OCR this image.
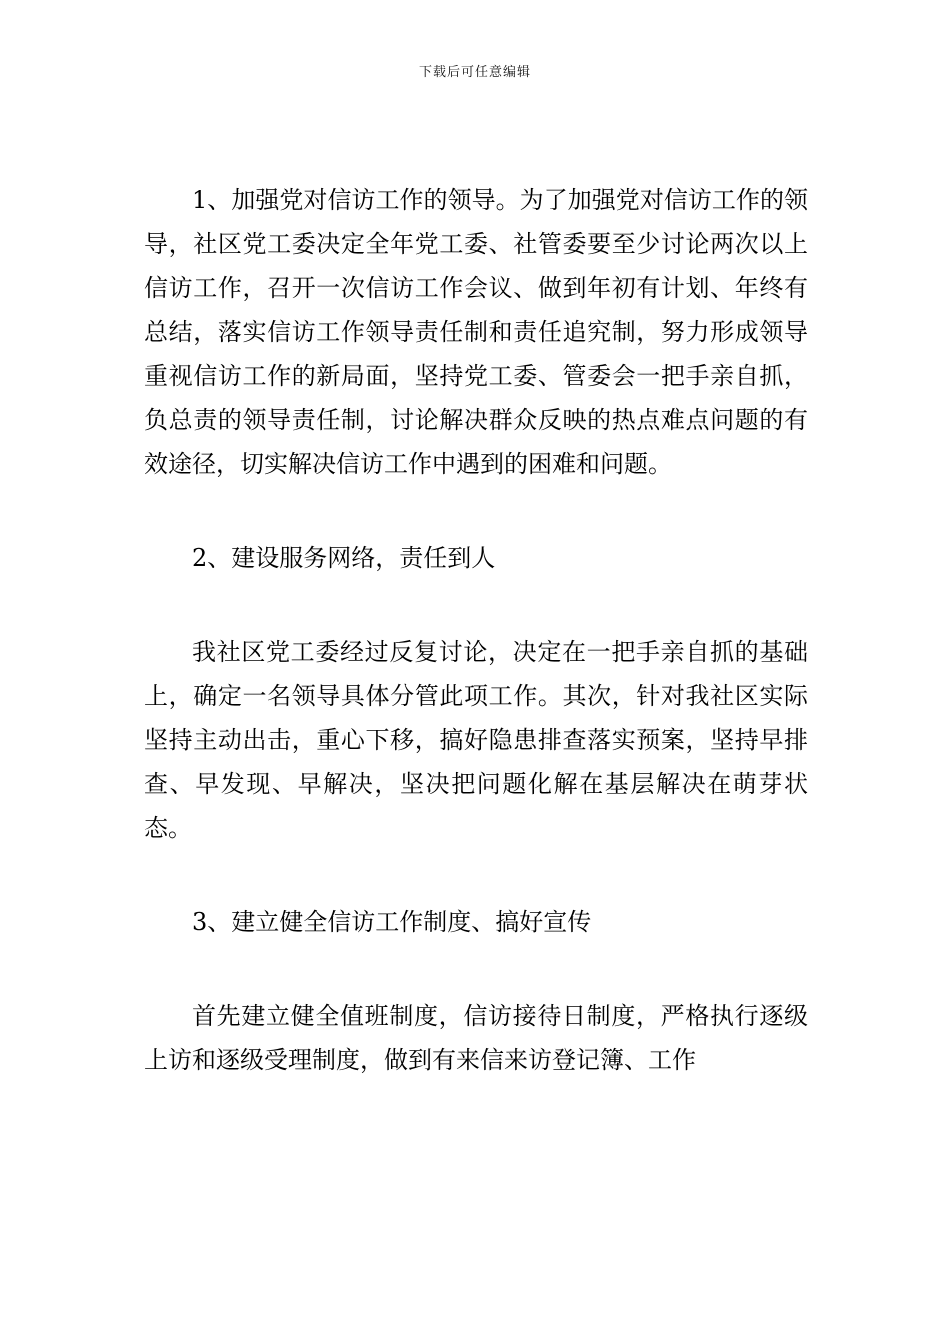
下载后可任意编辑

1、加强党对信访工作的领导。为了加强党对信访工作的领导，社区党工委决定全年党工委、社管委要至少讨论两次以上信访工作，召开一次信访工作会议、做到年初有计划、年终有总结，落实信访工作领导责任制和责任追究制，努力形成领导重视信访工作的新局面，坚持党工委、管委会一把手亲自抓，负总责的领导责任制，讨论解决群众反映的热点难点问题的有效途径，切实解决信访工作中遇到的困难和问题。

2、建设服务网络，责任到人

我社区党工委经过反复讨论，决定在一把手亲自抓的基础上，确定一名领导具体分管此项工作。其次，针对我社区实际坚持主动出击，重心下移，搞好隐患排查落实预案，坚持早排查、早发现、早解决，坚决把问题化解在基层解决在萌芽状态。

3、建立健全信访工作制度、搞好宣传

首先建立健全值班制度，信访接待日制度，严格执行逐级上访和逐级受理制度，做到有来信来访登记簿、工作
